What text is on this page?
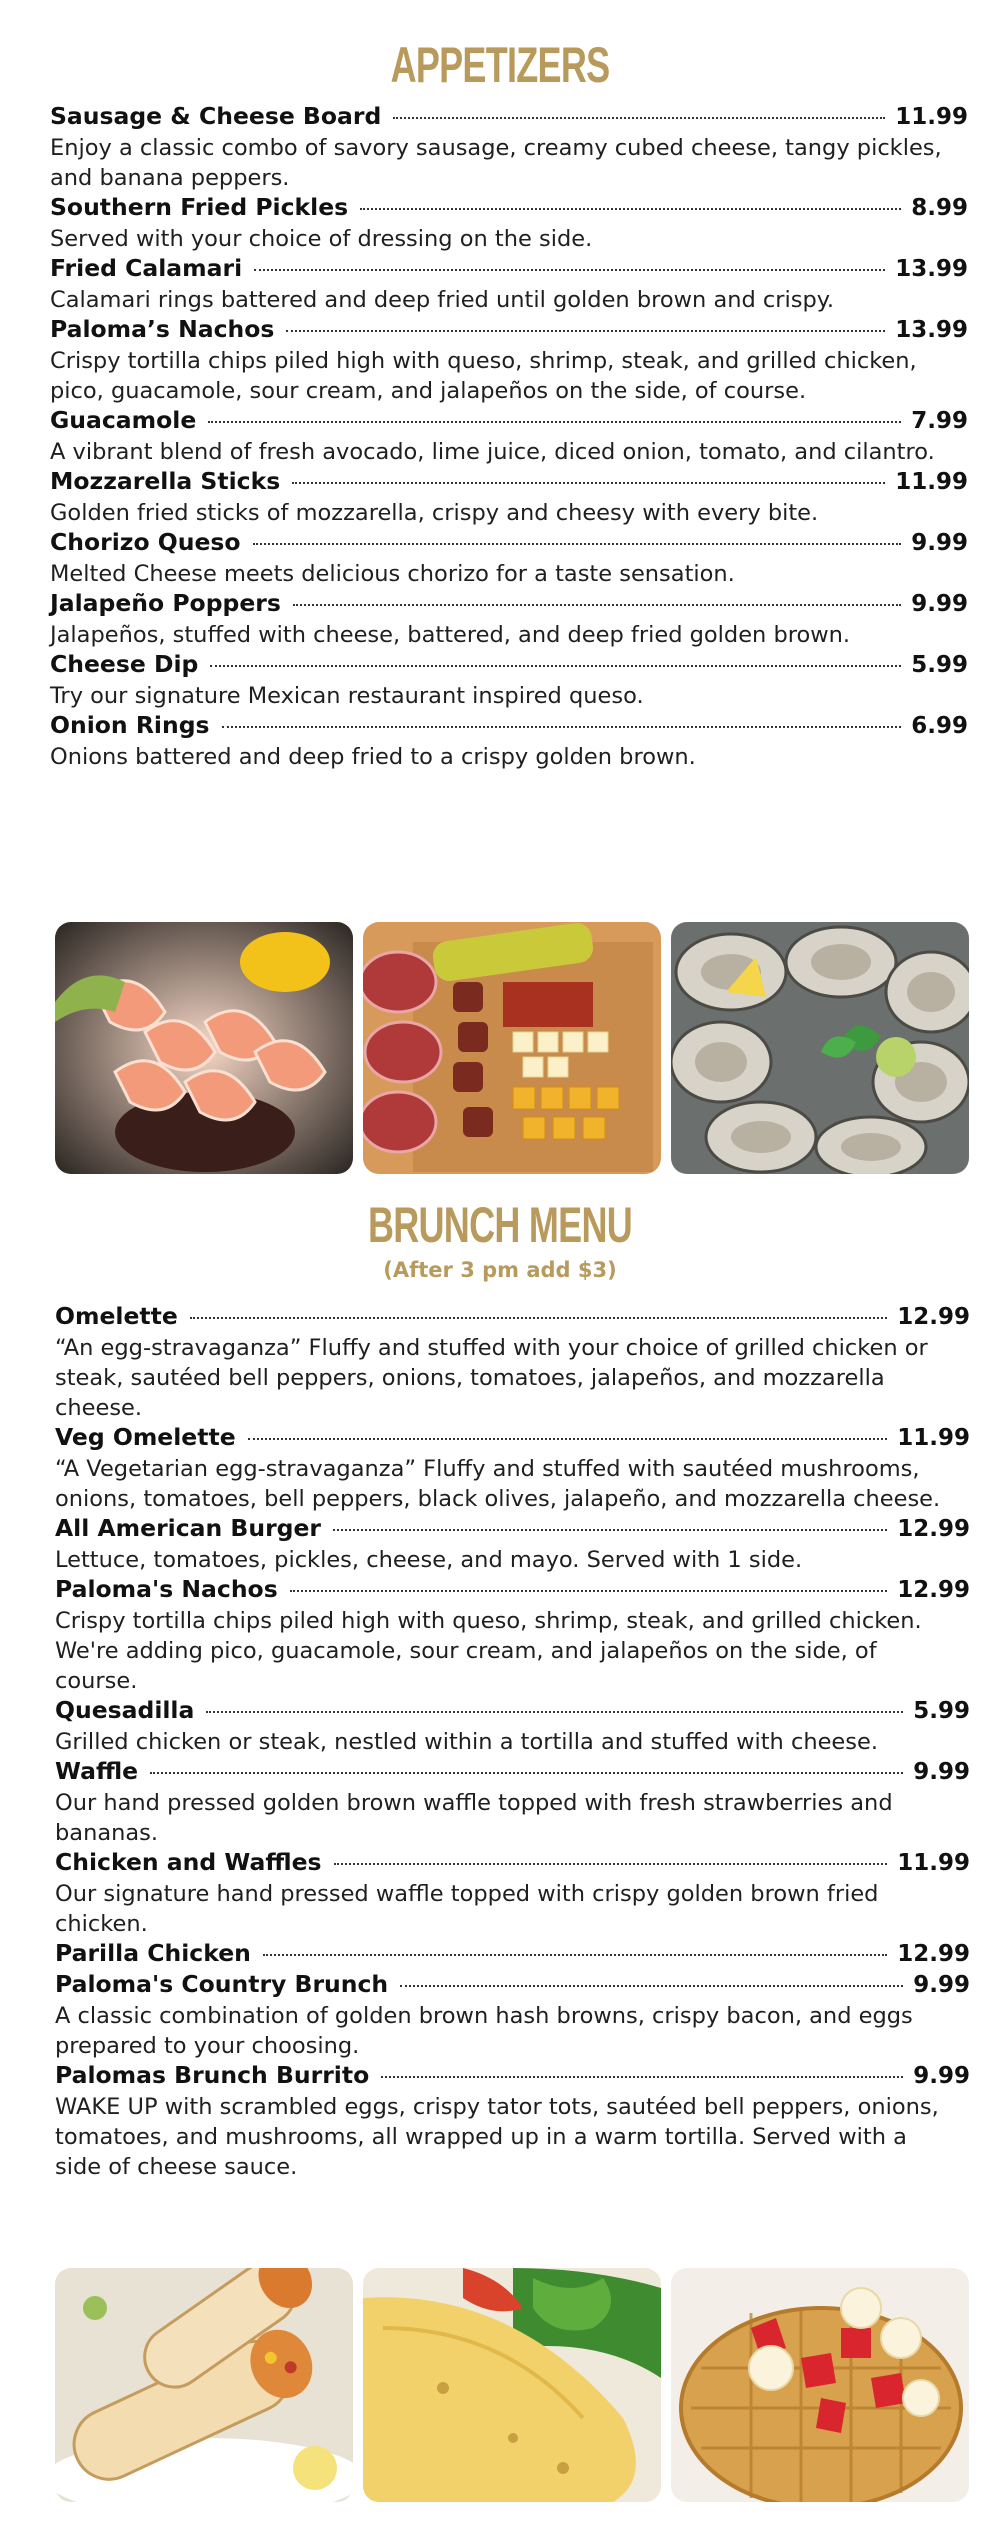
APPETIZERS
Sausage & Cheese Board	11.99
Enjoy a classic combo of savory sausage, creamy cubed cheese, tangy pickles, and banana peppers.
Southern Fried Pickles	8.99
Served with your choice of dressing on the side.
Fried Calamari	13.99
Calamari rings battered and deep fried until golden brown and crispy.
Paloma’s Nachos	13.99
Crispy tortilla chips piled high with queso, shrimp, steak, and grilled chicken, pico, guacamole, sour cream, and jalapeños on the side, of course.
Guacamole	7.99
A vibrant blend of fresh avocado, lime juice, diced onion, tomato, and cilantro.
Mozzarella Sticks	11.99
Golden fried sticks of mozzarella, crispy and cheesy with every bite.
Chorizo Queso	9.99
Melted Cheese meets delicious chorizo for a taste sensation.
Jalapeño Poppers	9.99
Jalapeños, stuffed with cheese, battered, and deep fried golden brown.
Cheese Dip	5.99
Try our signature Mexican restaurant inspired queso.
Onion Rings	6.99
Onions battered and deep fried to a crispy golden brown.
BRUNCH MENU
(After 3 pm add $3)
Omelette	12.99
“An egg-stravaganza” Fluffy and stuffed with your choice of grilled chicken or steak, sautéed bell peppers, onions, tomatoes, jalapeños, and mozzarella cheese.
Veg Omelette	11.99
“A Vegetarian egg-stravaganza” Fluffy and stuffed with sautéed mushrooms, onions, tomatoes, bell peppers, black olives, jalapeño, and mozzarella cheese.
All American Burger	12.99
Lettuce, tomatoes, pickles, cheese, and mayo. Served with 1 side.
Paloma's Nachos	12.99
Crispy tortilla chips piled high with queso, shrimp, steak, and grilled chicken. We're adding pico, guacamole, sour cream, and jalapeños on the side, of course.
Quesadilla	5.99
Grilled chicken or steak, nestled within a tortilla and stuffed with cheese.
Waffle	9.99
Our hand pressed golden brown waffle topped with fresh strawberries and bananas.
Chicken and Waffles	11.99
Our signature hand pressed waffle topped with crispy golden brown fried chicken.
Parilla Chicken	12.99
Paloma's Country Brunch	9.99
A classic combination of golden brown hash browns, crispy bacon, and eggs prepared to your choosing.
Palomas Brunch Burrito	9.99
WAKE UP with scrambled eggs, crispy tator tots, sautéed bell peppers, onions, tomatoes, and mushrooms, all wrapped up in a warm tortilla. Served with a side of cheese sauce.
